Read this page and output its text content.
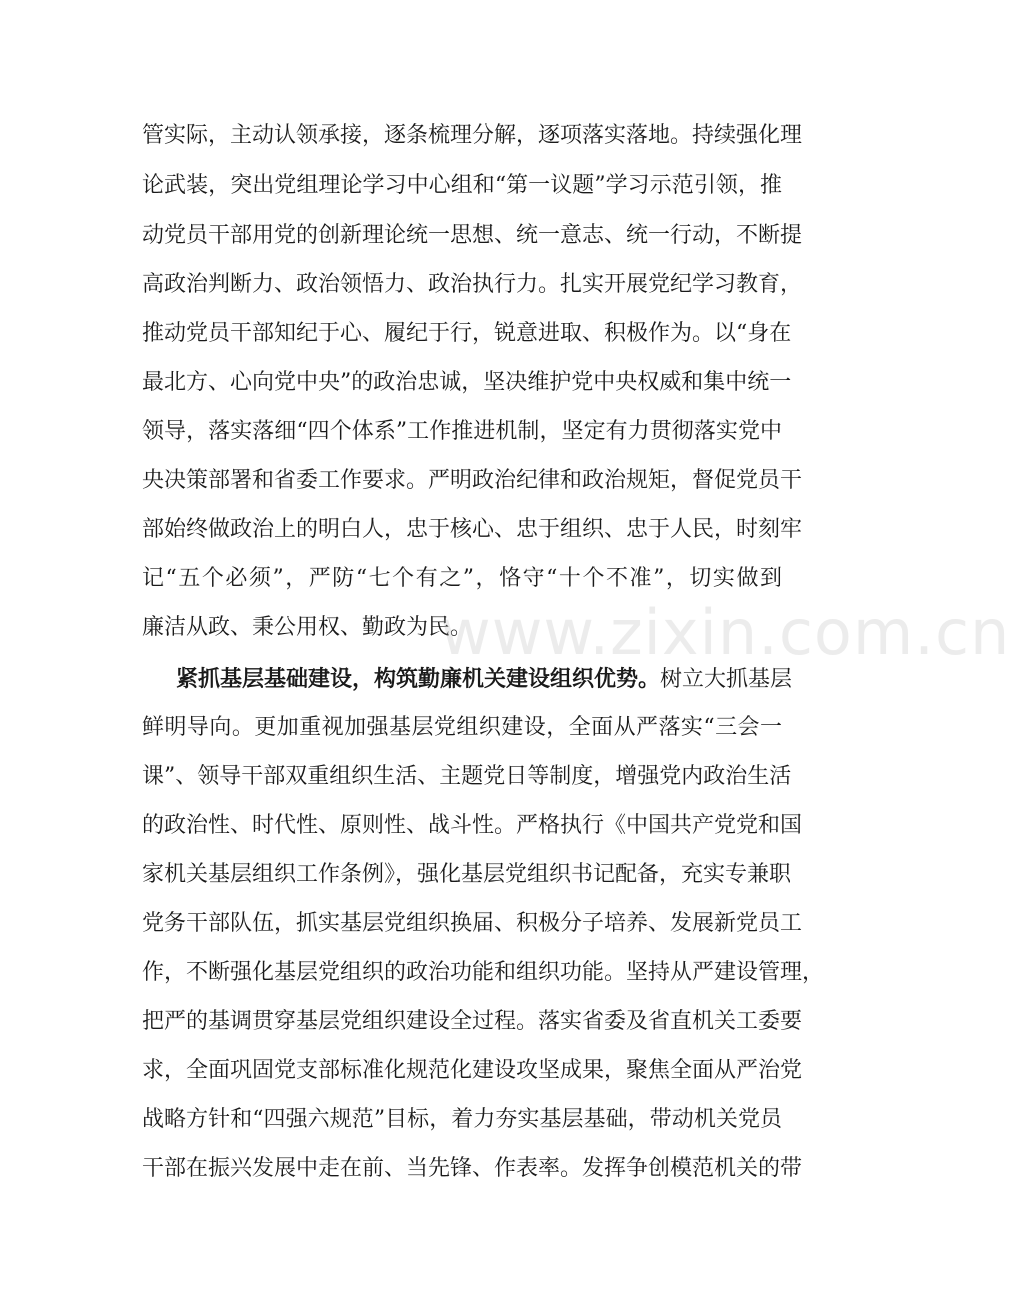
管实际，主动认领承接，逐条梳理分解，逐项落实落地。持续强化理
论武装，突出党组理论学习中心组和“第一议题”学习示范引领，推
动党员干部用党的创新理论统一思想、统一意志、统一行动，不断提
高政治判断力、政治领悟力、政治执行力。扎实开展党纪学习教育，
推动党员干部知纪于心、履纪于行，锐意进取、积极作为。以“身在
最北方、心向党中央”的政治忠诚，坚决维护党中央权威和集中统一
领导，落实落细“四个体系”工作推进机制，坚定有力贯彻落实党中
央决策部署和省委工作要求。严明政治纪律和政治规矩，督促党员干
部始终做政治上的明白人，忠于核心、忠于组织、忠于人民，时刻牢
记“五个必须”，严防“七个有之”，恪守“十个不准”，切实做到
廉洁从政、秉公用权、勤政为民。
紧抓基层基础建设，构筑勤廉机关建设组织优势。树立大抓基层
鲜明导向。更加重视加强基层党组织建设，全面从严落实“三会一
课”、领导干部双重组织生活、主题党日等制度，增强党内政治生活
的政治性、时代性、原则性、战斗性。严格执行《中国共产党党和国
家机关基层组织工作条例》，强化基层党组织书记配备，充实专兼职
党务干部队伍，抓实基层党组织换届、积极分子培养、发展新党员工
作，不断强化基层党组织的政治功能和组织功能。坚持从严建设管理，
把严的基调贯穿基层党组织建设全过程。落实省委及省直机关工委要
求，全面巩固党支部标准化规范化建设攻坚成果，聚焦全面从严治党
战略方针和“四强六规范”目标，着力夯实基层基础，带动机关党员
干部在振兴发展中走在前、当先锋、作表率。发挥争创模范机关的带
www.zixin.com.cn
